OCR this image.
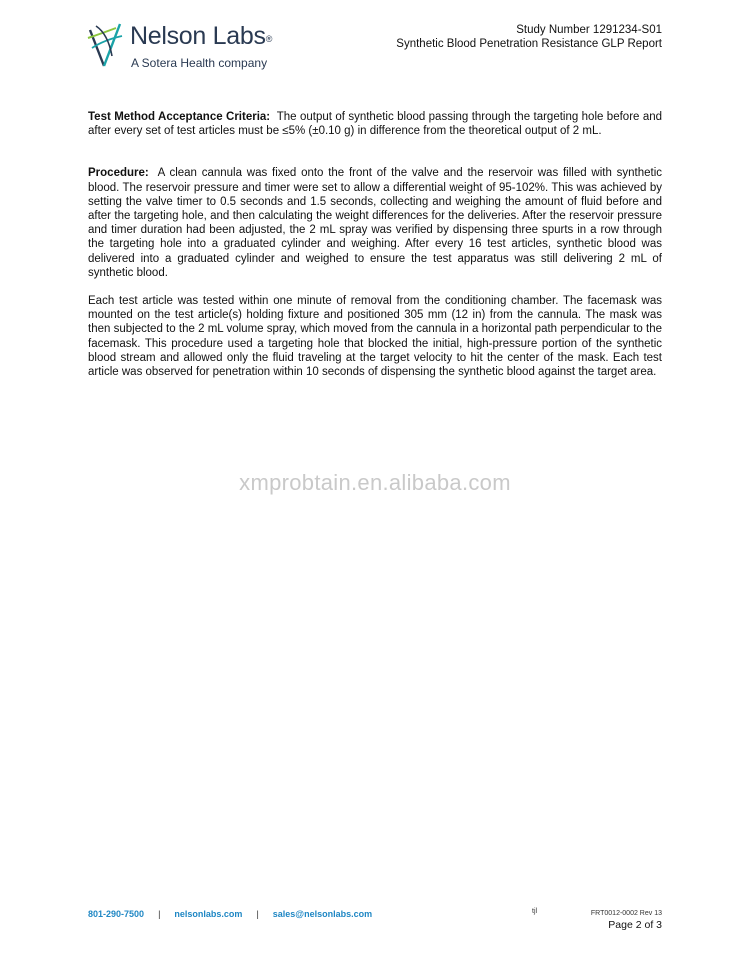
Nelson Labs®
A Sotera Health company
Study Number 1291234-S01
Synthetic Blood Penetration Resistance GLP Report

Test Method Acceptance Criteria: The output of synthetic blood passing through the targeting hole before and after every set of test articles must be ≤5% (±0.10 g) in difference from the theoretical output of 2 mL.

Procedure: A clean cannula was fixed onto the front of the valve and the reservoir was filled with synthetic blood. The reservoir pressure and timer were set to allow a differential weight of 95-102%. This was achieved by setting the valve timer to 0.5 seconds and 1.5 seconds, collecting and weighing the amount of fluid before and after the targeting hole, and then calculating the weight differences for the deliveries. After the reservoir pressure and timer duration had been adjusted, the 2 mL spray was verified by dispensing three spurts in a row through the targeting hole into a graduated cylinder and weighing. After every 16 test articles, synthetic blood was delivered into a graduated cylinder and weighed to ensure the test apparatus was still delivering 2 mL of synthetic blood.

Each test article was tested within one minute of removal from the conditioning chamber. The facemask was mounted on the test article(s) holding fixture and positioned 305 mm (12 in) from the cannula. The mask was then subjected to the 2 mL volume spray, which moved from the cannula in a horizontal path perpendicular to the facemask. This procedure used a targeting hole that blocked the initial, high-pressure portion of the synthetic blood stream and allowed only the fluid traveling at the target velocity to hit the center of the mask. Each test article was observed for penetration within 10 seconds of dispensing the synthetic blood against the target area.

xmprobtain.en.alibaba.com
801-290-7500 | nelsonlabs.com | sales@nelsonlabs.com	tjl	FRT0012-0002 Rev 13
Page 2 of 3
